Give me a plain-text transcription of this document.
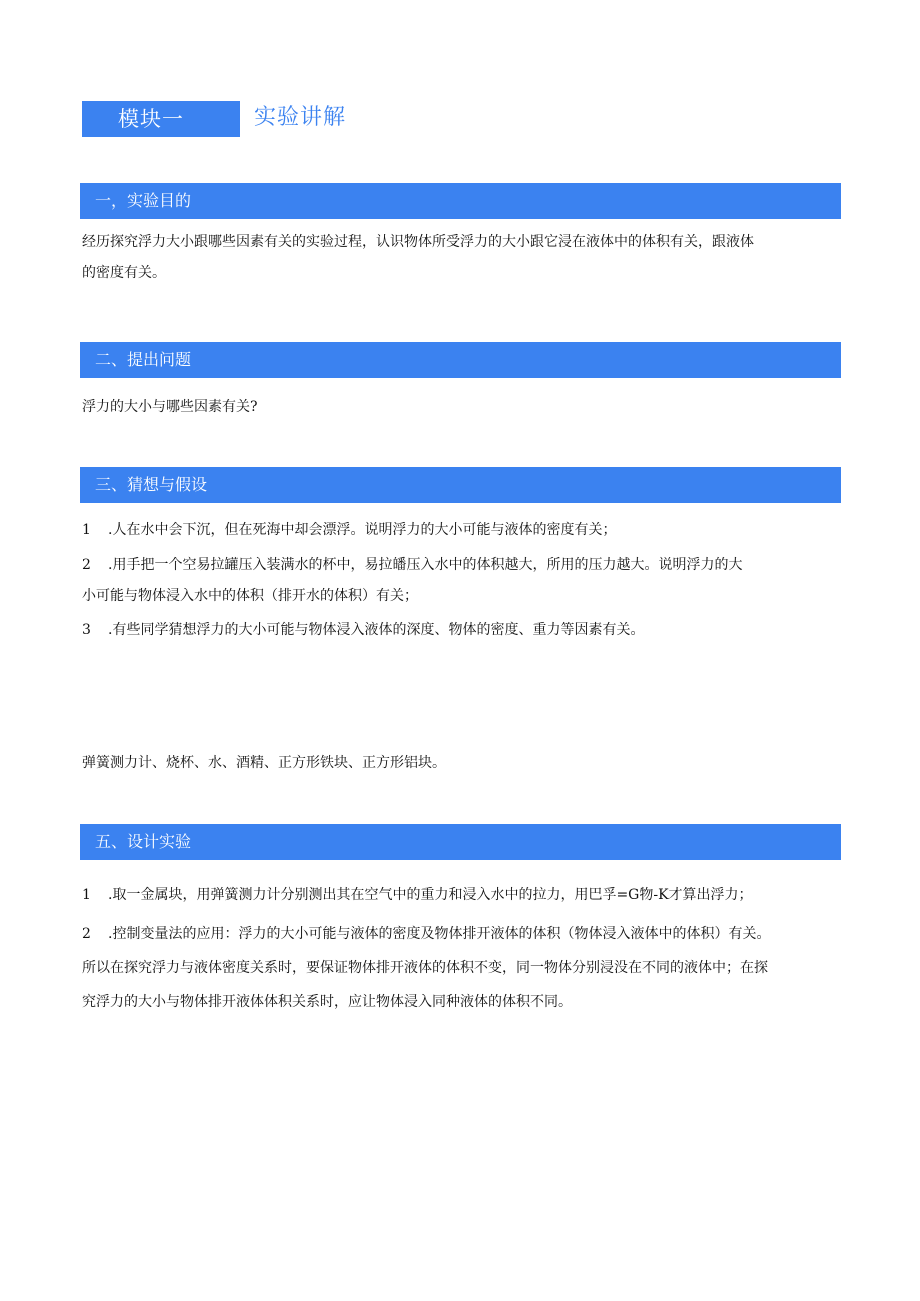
模块一	实验讲解
一，实验目的

经历探究浮力大小跟哪些因素有关的实验过程，认识物体所受浮力的大小跟它浸在液体中的体积有关，跟液体
的密度有关。

二、提出问题

浮力的大小与哪些因素有关?

三、猜想与假设
1 .人在水中会下沉，但在死海中却会漂浮。说明浮力的大小可能与液体的密度有关；
2 .用手把一个空易拉罐压入装满水的杯中，易拉皤压入水中的体积越大，所用的压力越大。说明浮力的大
小可能与物体浸入水中的体积（排开水的体积）有关；
3 .有些同学猜想浮力的大小可能与物体浸入液体的深度、物体的密度、重力等因素有关。

弹簧测力计、烧杯、水、酒精、正方形铁块、正方形铝块。

五、设计实验
1 .取一金属块，用弹簧测力计分别测出其在空气中的重力和浸入水中的拉力，用巴孚=G物-K才算出浮力；
2 .控制变量法的应用：浮力的大小可能与液体的密度及物体排开液体的体积（物体浸入液体中的体积）有关。
所以在探究浮力与液体密度关系时，要保证物体排开液体的体积不变，同一物体分别浸没在不同的液体中；在探
究浮力的大小与物体排开液体体积关系时，应让物体浸入同种液体的体积不同。
